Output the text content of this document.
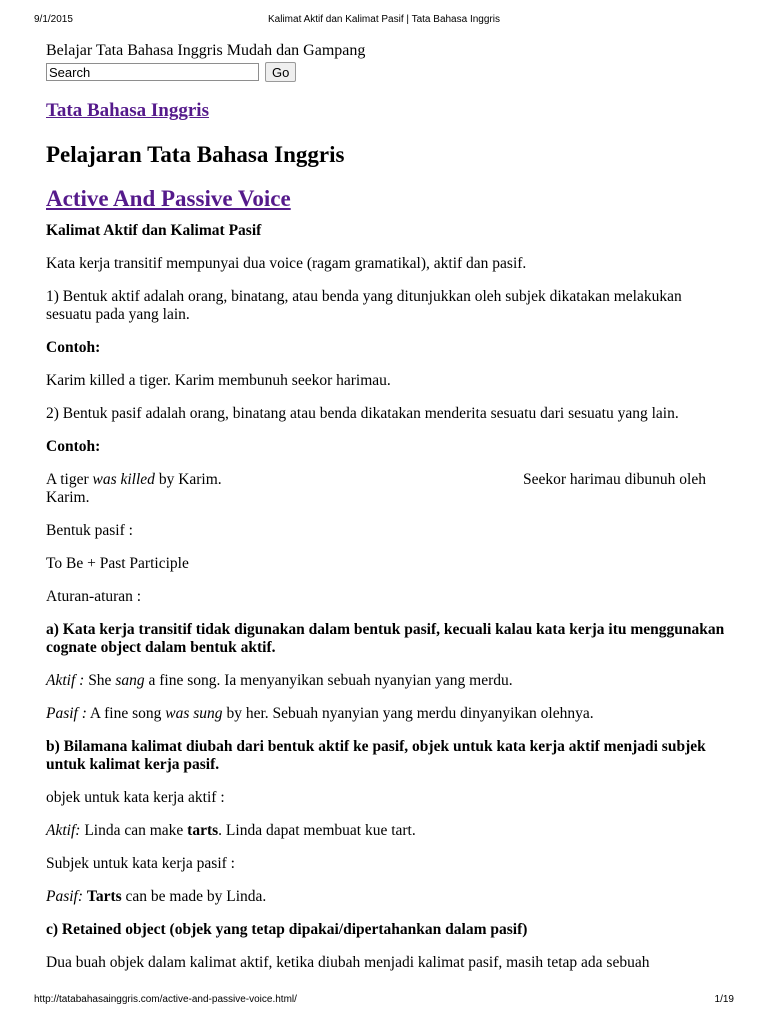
9/1/2015	Kalimat Aktif dan Kalimat Pasif | Tata Bahasa Inggris

Belajar Tata Bahasa Inggris Mudah dan Gampang

Search
Go
Tata Bahasa Inggris
Pelajaran Tata Bahasa Inggris
Active And Passive Voice

Kalimat Aktif dan Kalimat Pasif

Kata kerja transitif mempunyai dua voice (ragam gramatikal), aktif dan pasif.

1) Bentuk aktif adalah orang, binatang, atau benda yang ditunjukkan oleh subjek dikatakan melakukan sesuatu pada yang lain.

Contoh:

Karim killed a tiger. Karim membunuh seekor harimau.

2) Bentuk pasif adalah orang, binatang atau benda dikatakan menderita sesuatu dari sesuatu yang lain.

Contoh:

A tiger was killed by Karim.	Seekor harimau dibunuh oleh

Karim.

Bentuk pasif :

To Be + Past Participle

Aturan-aturan :

a) Kata kerja transitif tidak digunakan dalam bentuk pasif, kecuali kalau kata kerja itu menggunakan cognate object dalam bentuk aktif.

Aktif : She sang a fine song. Ia menyanyikan sebuah nyanyian yang merdu.

Pasif : A fine song was sung by her. Sebuah nyanyian yang merdu dinyanyikan olehnya.

b) Bilamana kalimat diubah dari bentuk aktif ke pasif, objek untuk kata kerja aktif menjadi subjek untuk kalimat kerja pasif.

objek untuk kata kerja aktif :

Aktif: Linda can make tarts. Linda dapat membuat kue tart.

Subjek untuk kata kerja pasif :

Pasif: Tarts can be made by Linda.

c) Retained object (objek yang tetap dipakai/dipertahankan dalam pasif)

Dua buah objek dalam kalimat aktif, ketika diubah menjadi kalimat pasif, masih tetap ada sebuah

http://tatabahasainggris.com/active-and-passive-voice.html/	1/19
